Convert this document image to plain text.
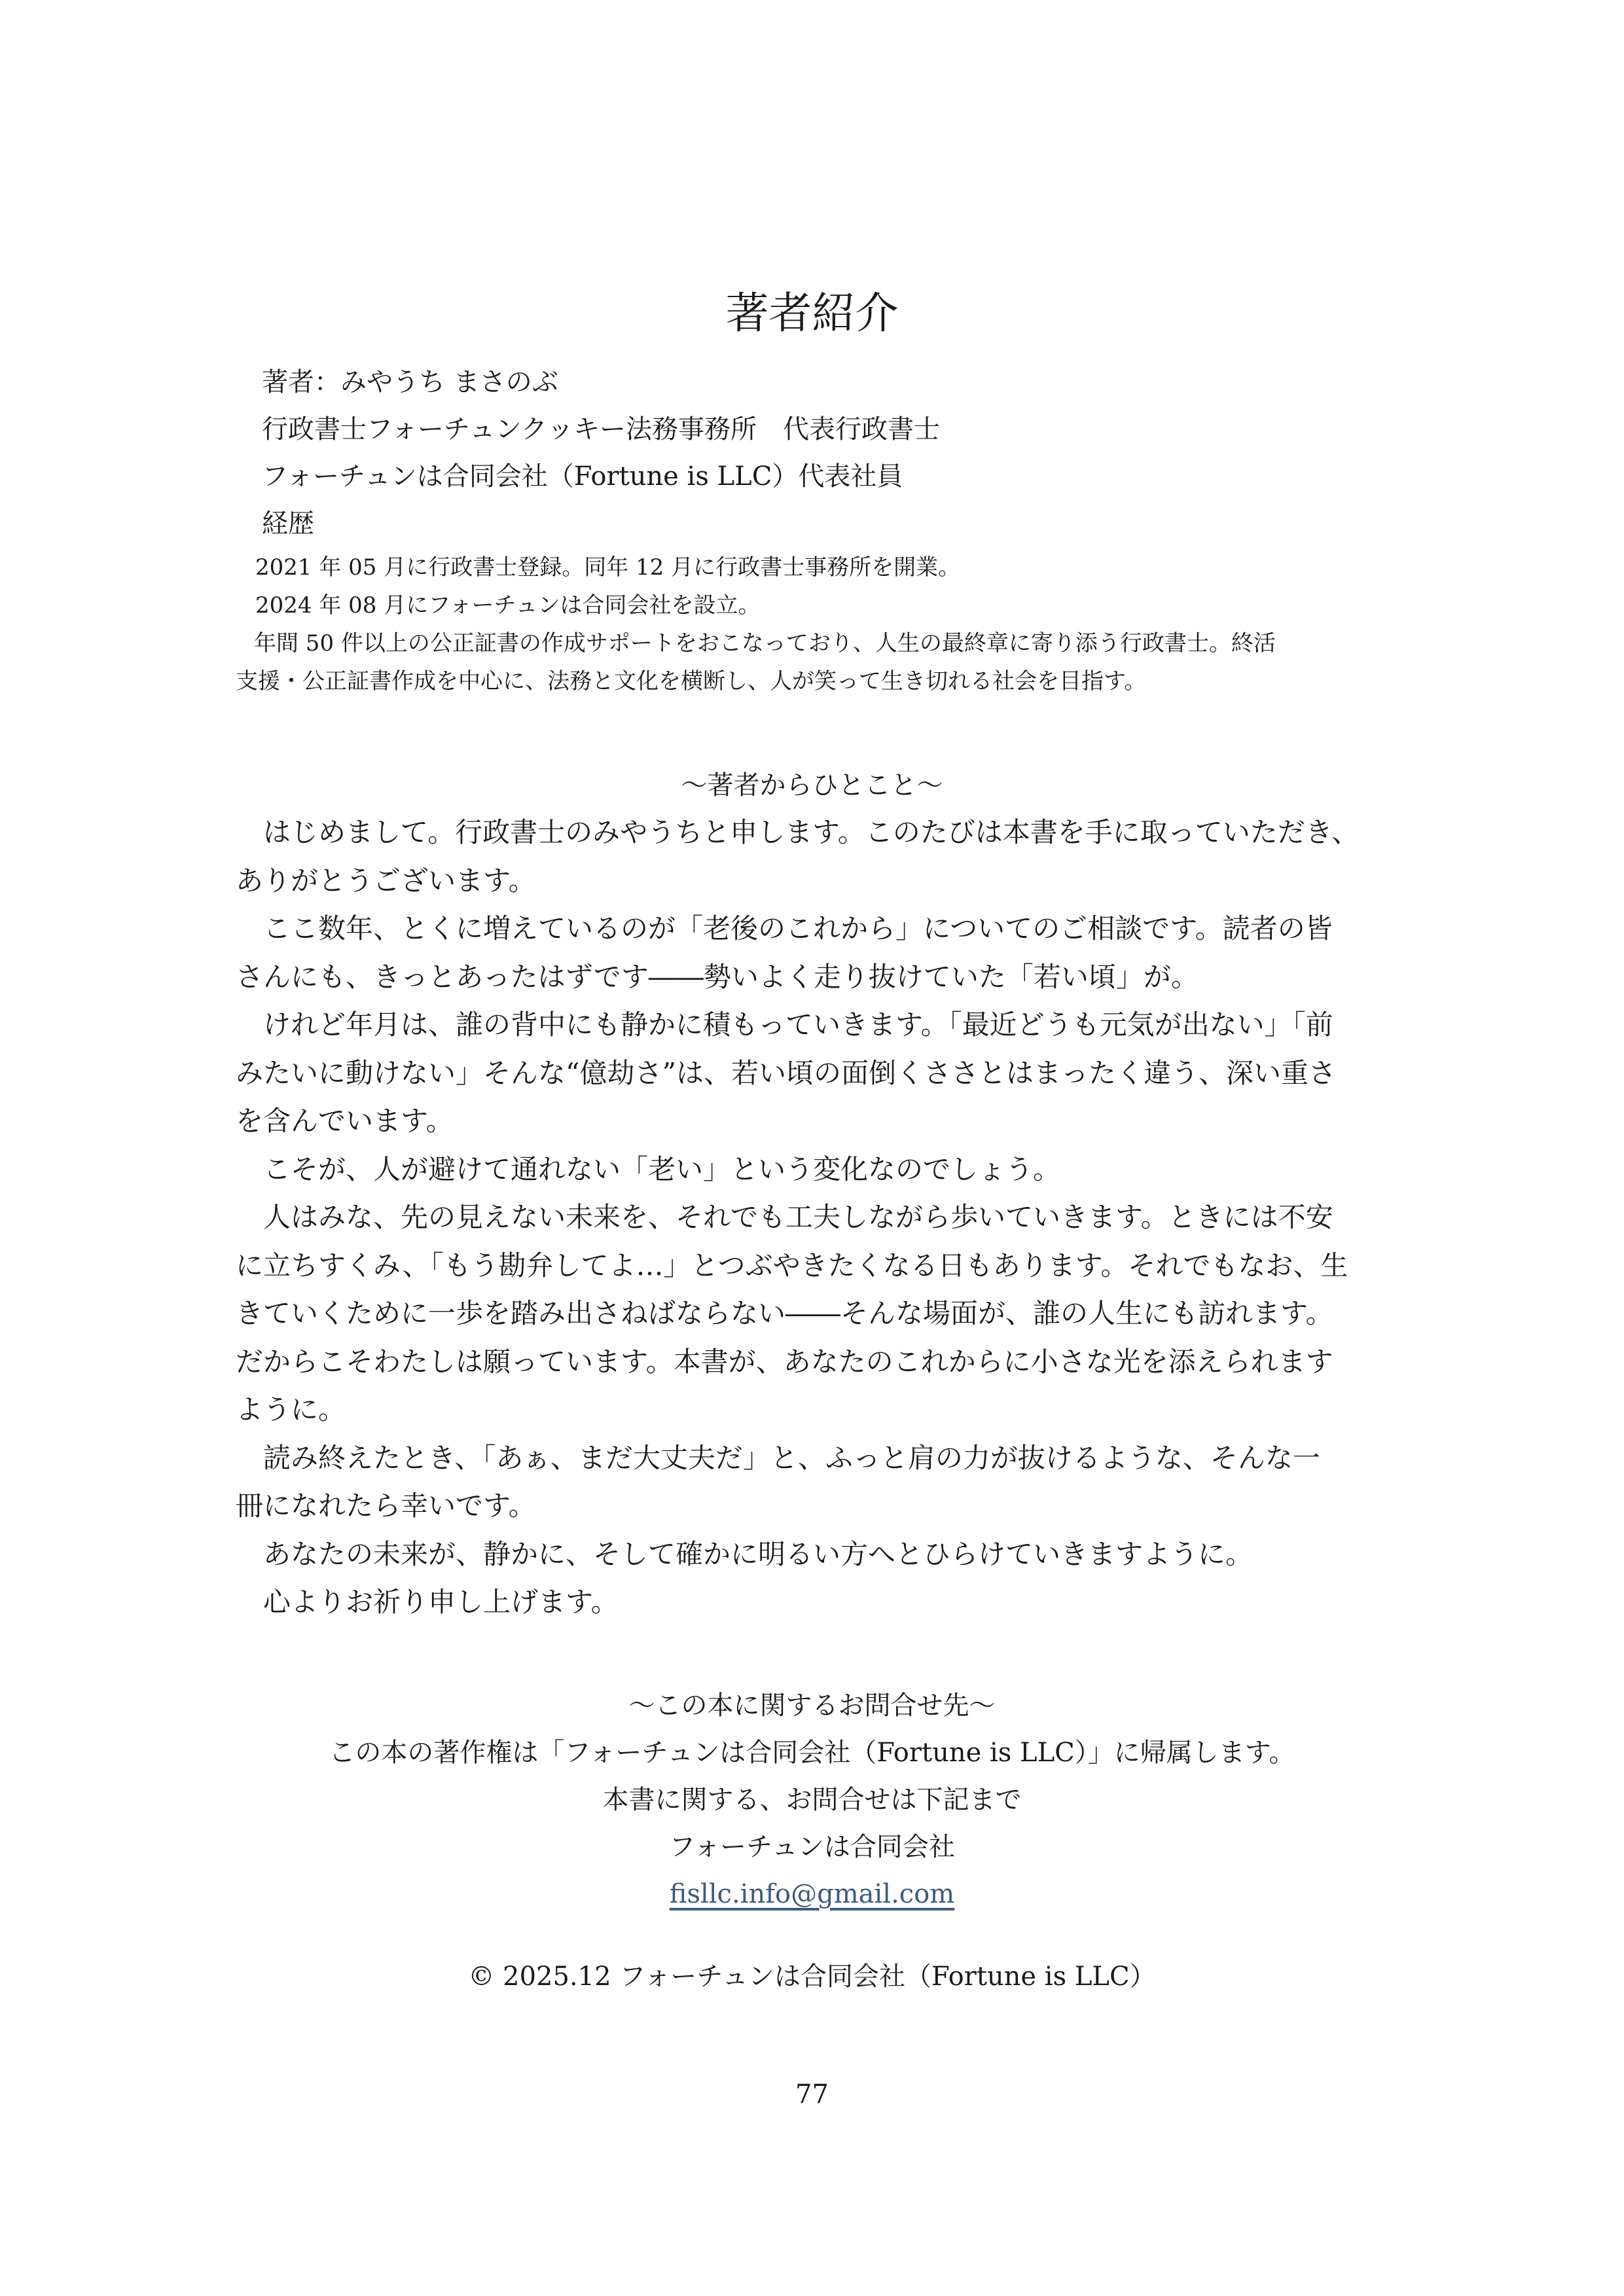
著者紹介
著者：みやうち まさのぶ
行政書士フォーチュンクッキー法務事務所　代表行政書士
フォーチュンは合同会社（Fortune is LLC）代表社員
経歴
2021 年 05 月に行政書士登録。同年 12 月に行政書士事務所を開業。
2024 年 08 月にフォーチュンは合同会社を設立。
年間 50 件以上の公正証書の作成サポートをおこなっており、人生の最終章に寄り添う行政書士。終活
支援・公正証書作成を中心に、法務と文化を横断し、人が笑って生き切れる社会を目指す。
〜著者からひとこと〜
はじめまして。行政書士のみやうちと申します。このたびは本書を手に取っていただき、
ありがとうございます。
ここ数年、とくに増えているのが「老後のこれから」についてのご相談です。読者の皆
さんにも、きっとあったはずです――勢いよく走り抜けていた「若い頃」が。
けれど年月は、誰の背中にも静かに積もっていきます。「最近どうも元気が出ない」「前
みたいに動けない」そんな“億劫さ”は、若い頃の面倒くささとはまったく違う、深い重さ
を含んでいます。
こそが、人が避けて通れない「老い」という変化なのでしょう。
人はみな、先の見えない未来を、それでも工夫しながら歩いていきます。ときには不安
に立ちすくみ、「もう勘弁してよ…」とつぶやきたくなる日もあります。それでもなお、生
きていくために一歩を踏み出さねばならない――そんな場面が、誰の人生にも訪れます。
だからこそわたしは願っています。本書が、あなたのこれからに小さな光を添えられます
ように。
読み終えたとき、「あぁ、まだ大丈夫だ」と、ふっと肩の力が抜けるような、そんな一
冊になれたら幸いです。
あなたの未来が、静かに、そして確かに明るい方へとひらけていきますように。
心よりお祈り申し上げます。
〜この本に関するお問合せ先〜
この本の著作権は「フォーチュンは合同会社（Fortune is LLC）」に帰属します。
本書に関する、お問合せは下記まで
フォーチュンは合同会社
fisllc.info@gmail.com
© 2025.12 フォーチュンは合同会社（Fortune is LLC）
77
